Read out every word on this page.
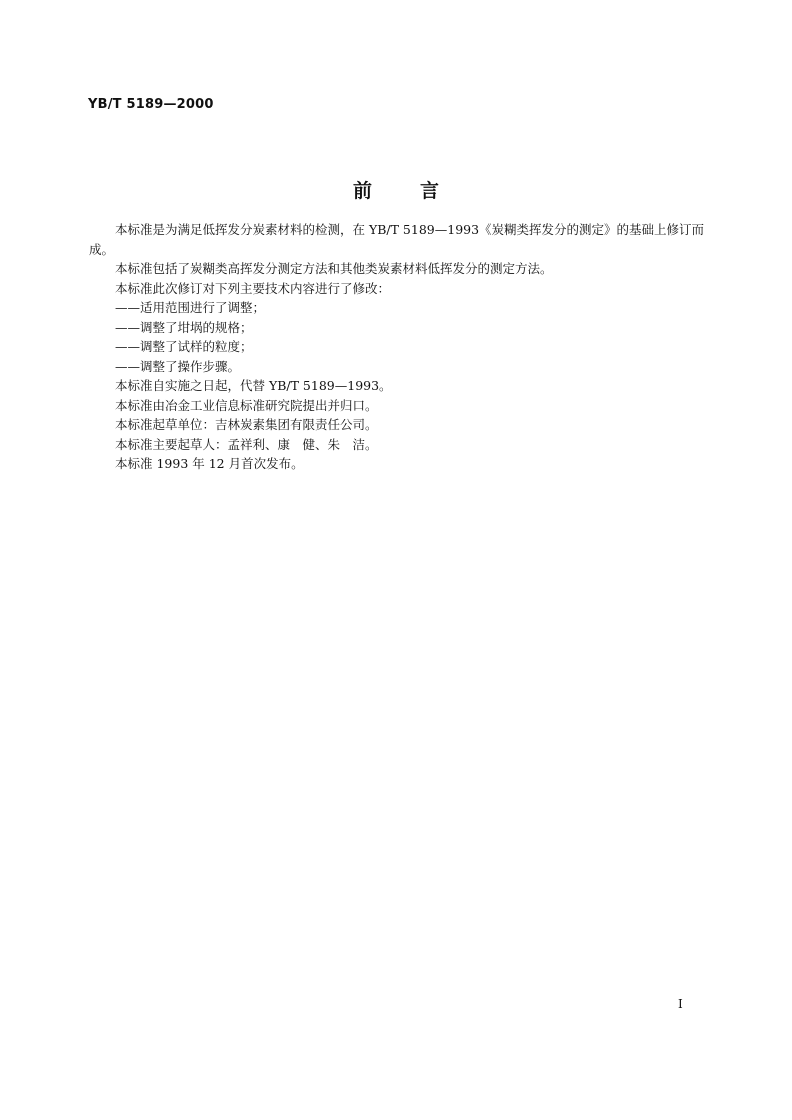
YB/T 5189—2000
前	言

本标准是为满足低挥发分炭素材料的检测，在 YB/T 5189—1993《炭糊类挥发分的测定》的基础上修订而成。

本标准包括了炭糊类高挥发分测定方法和其他类炭素材料低挥发分的测定方法。

本标准此次修订对下列主要技术内容进行了修改：

——适用范围进行了调整；

——调整了坩埚的规格；

——调整了试样的粒度；

——调整了操作步骤。

本标准自实施之日起，代替 YB/T 5189—1993。

本标准由冶金工业信息标准研究院提出并归口。

本标准起草单位：吉林炭素集团有限责任公司。

本标准主要起草人：孟祥利、康　健、朱　洁。

本标准 1993 年 12 月首次发布。

I
